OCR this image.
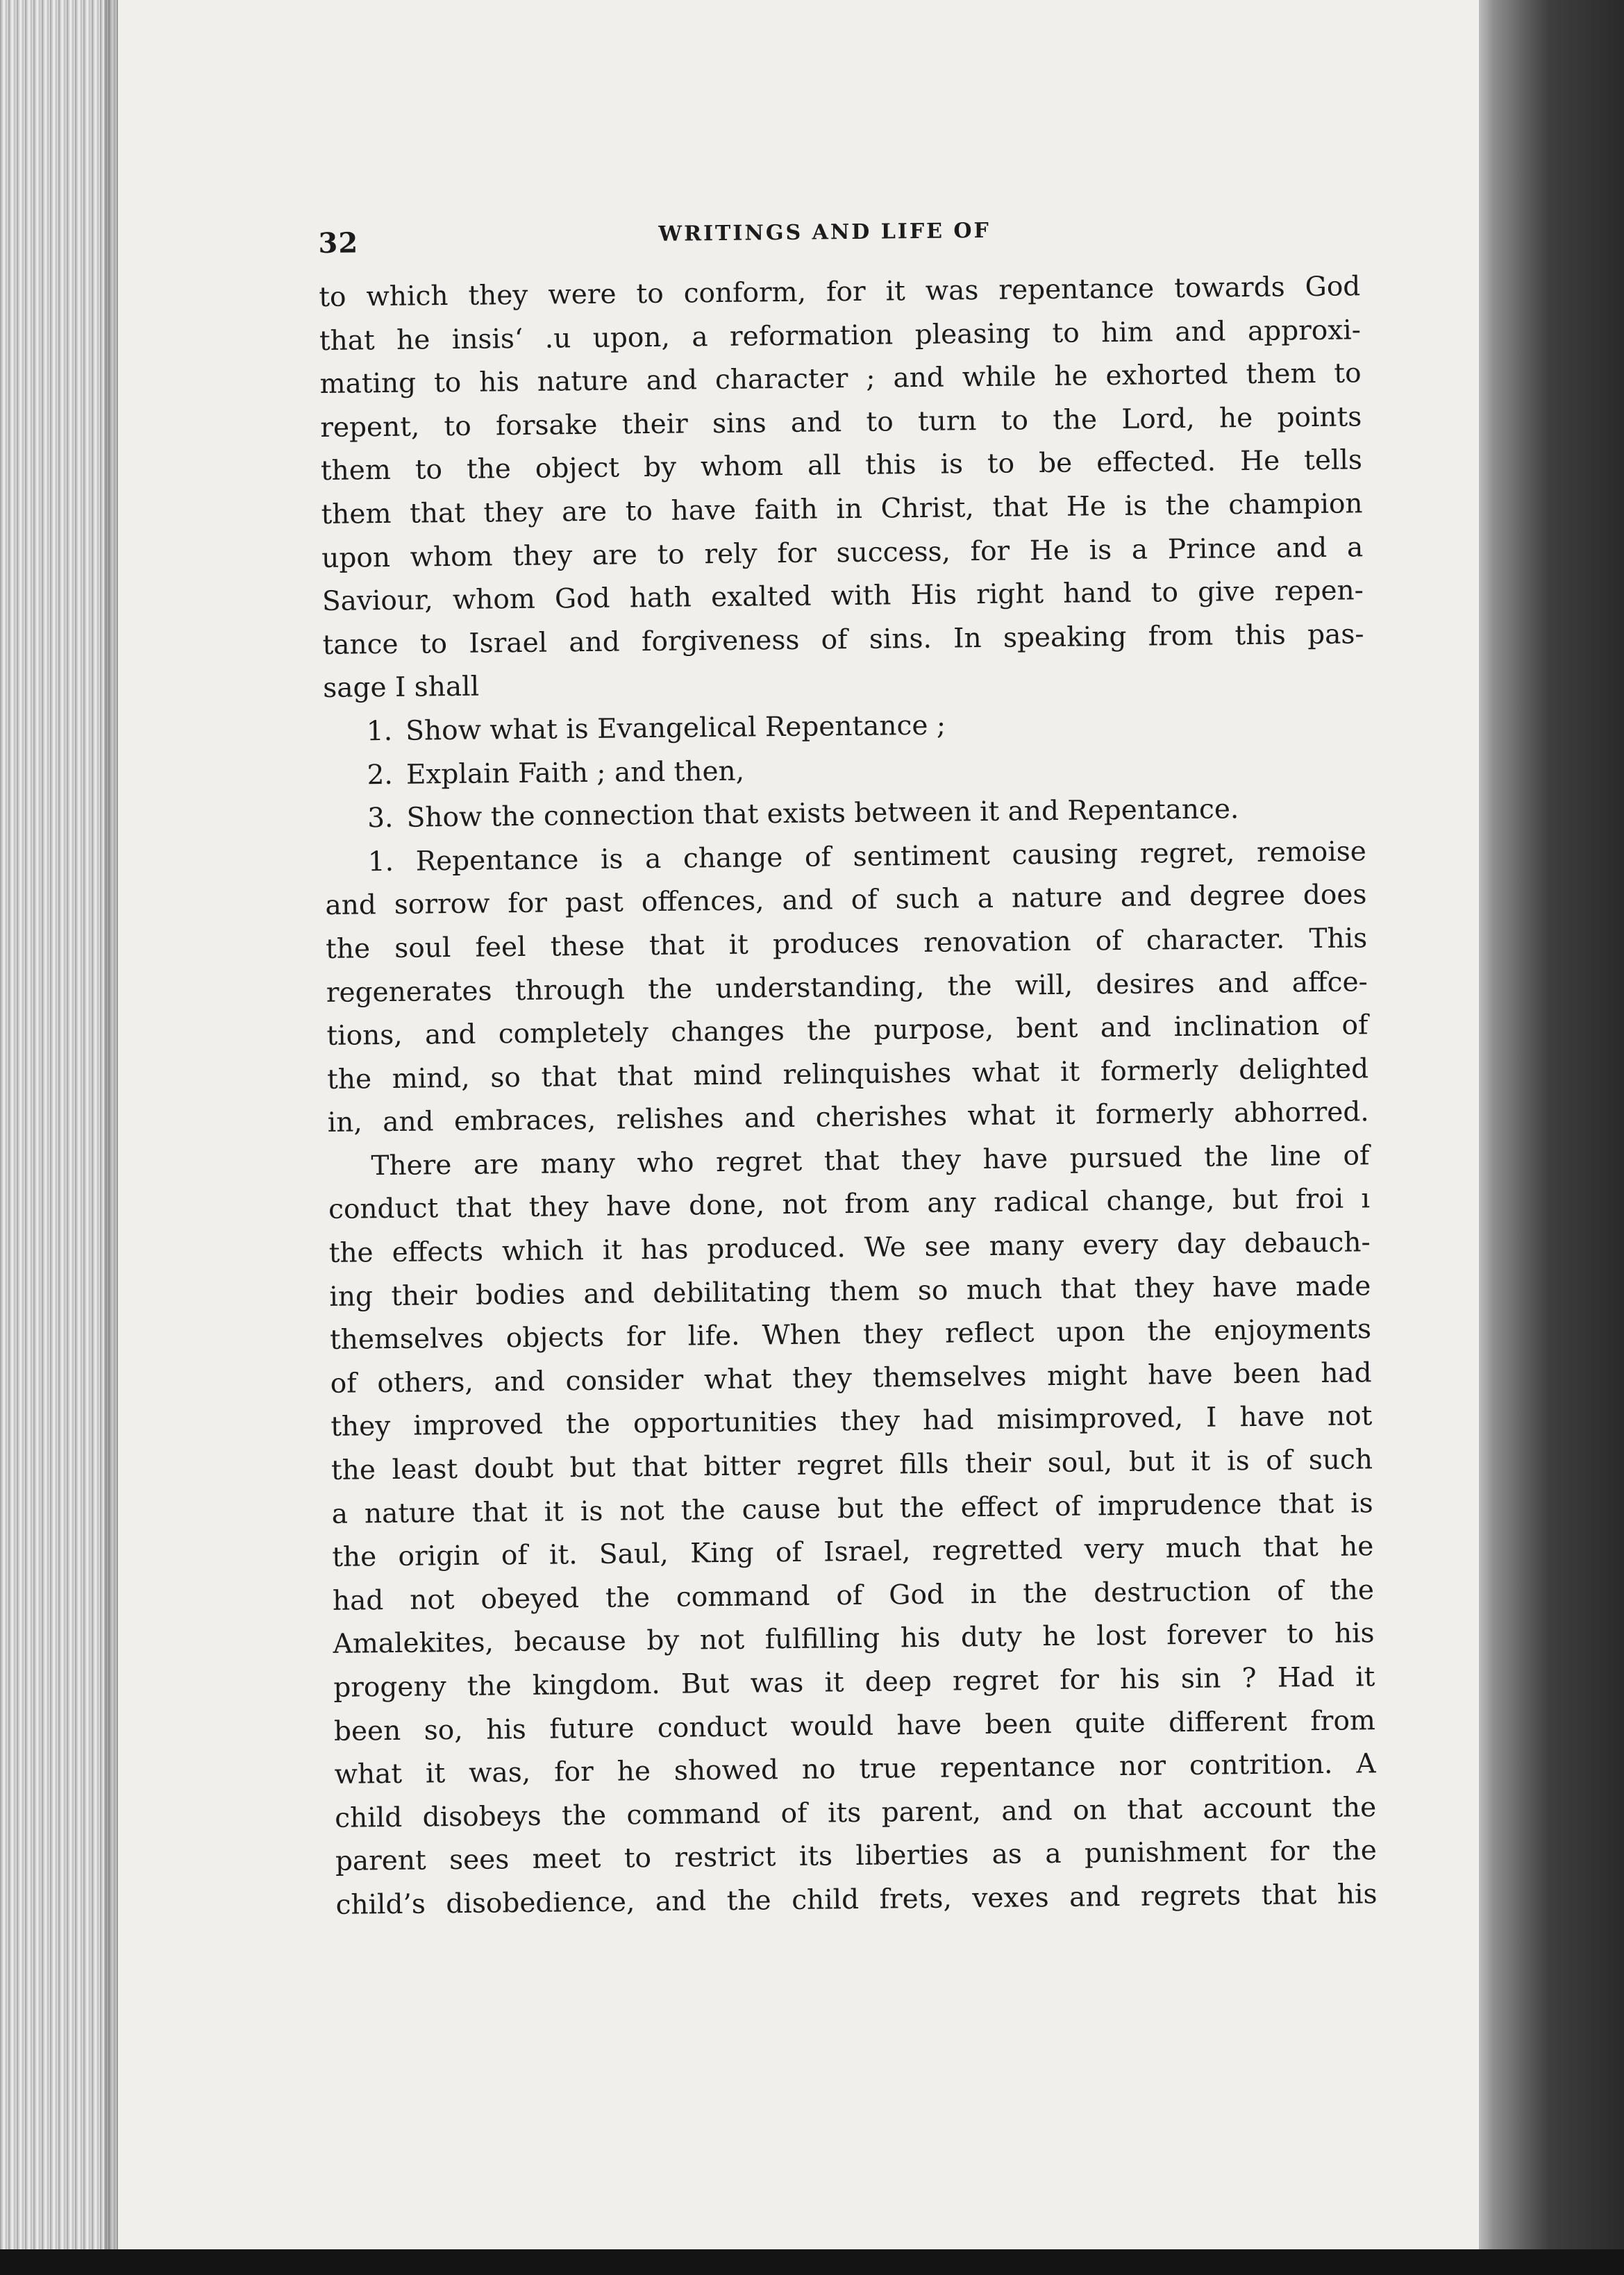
32	WRITINGS AND LIFE OF
to which they were to conform, for it was repentance towards God
that he insis‘ .u upon, a reformation pleasing to him and approxi-
mating to his nature and character ; and while he exhorted them to
repent, to forsake their sins and to turn to the Lord, he points
them to the object by whom all this is to be effected. He tells
them that they are to have faith in Christ, that He is the champion
upon whom they are to rely for success, for He is a Prince and a
Saviour, whom God hath exalted with His right hand to give repen-
tance to Israel and forgiveness of sins. In speaking from this pas-
sage I shall
1. Show what is Evangelical Repentance ;
2. Explain Faith ; and then,
3. Show the connection that exists between it and Repentance.
1. Repentance is a change of sentiment causing regret, remoise
and sorrow for past offences, and of such a nature and degree does
the soul feel these that it produces renovation of character. This
regenerates through the understanding, the will, desires and affce-
tions, and completely changes the purpose, bent and inclination of
the mind, so that that mind relinquishes what it formerly delighted
in, and embraces, relishes and cherishes what it formerly abhorred.
There are many who regret that they have pursued the line of
conduct that they have done, not from any radical change, but froi ı
the effects which it has produced. We see many every day debauch-
ing their bodies and debilitating them so much that they have made
themselves objects for life. When they reflect upon the enjoyments
of others, and consider what they themselves might have been had
they improved the opportunities they had misimproved, I have not
the least doubt but that bitter regret fills their soul, but it is of such
a nature that it is not the cause but the effect of imprudence that is
the origin of it. Saul, King of Israel, regretted very much that he
had not obeyed the command of God in the destruction of the
Amalekites, because by not fulfilling his duty he lost forever to his
progeny the kingdom. But was it deep regret for his sin ? Had it
been so, his future conduct would have been quite different from
what it was, for he showed no true repentance nor contrition. A
child disobeys the command of its parent, and on that account the
parent sees meet to restrict its liberties as a punishment for the
child’s disobedience, and the child frets, vexes and regrets that his
